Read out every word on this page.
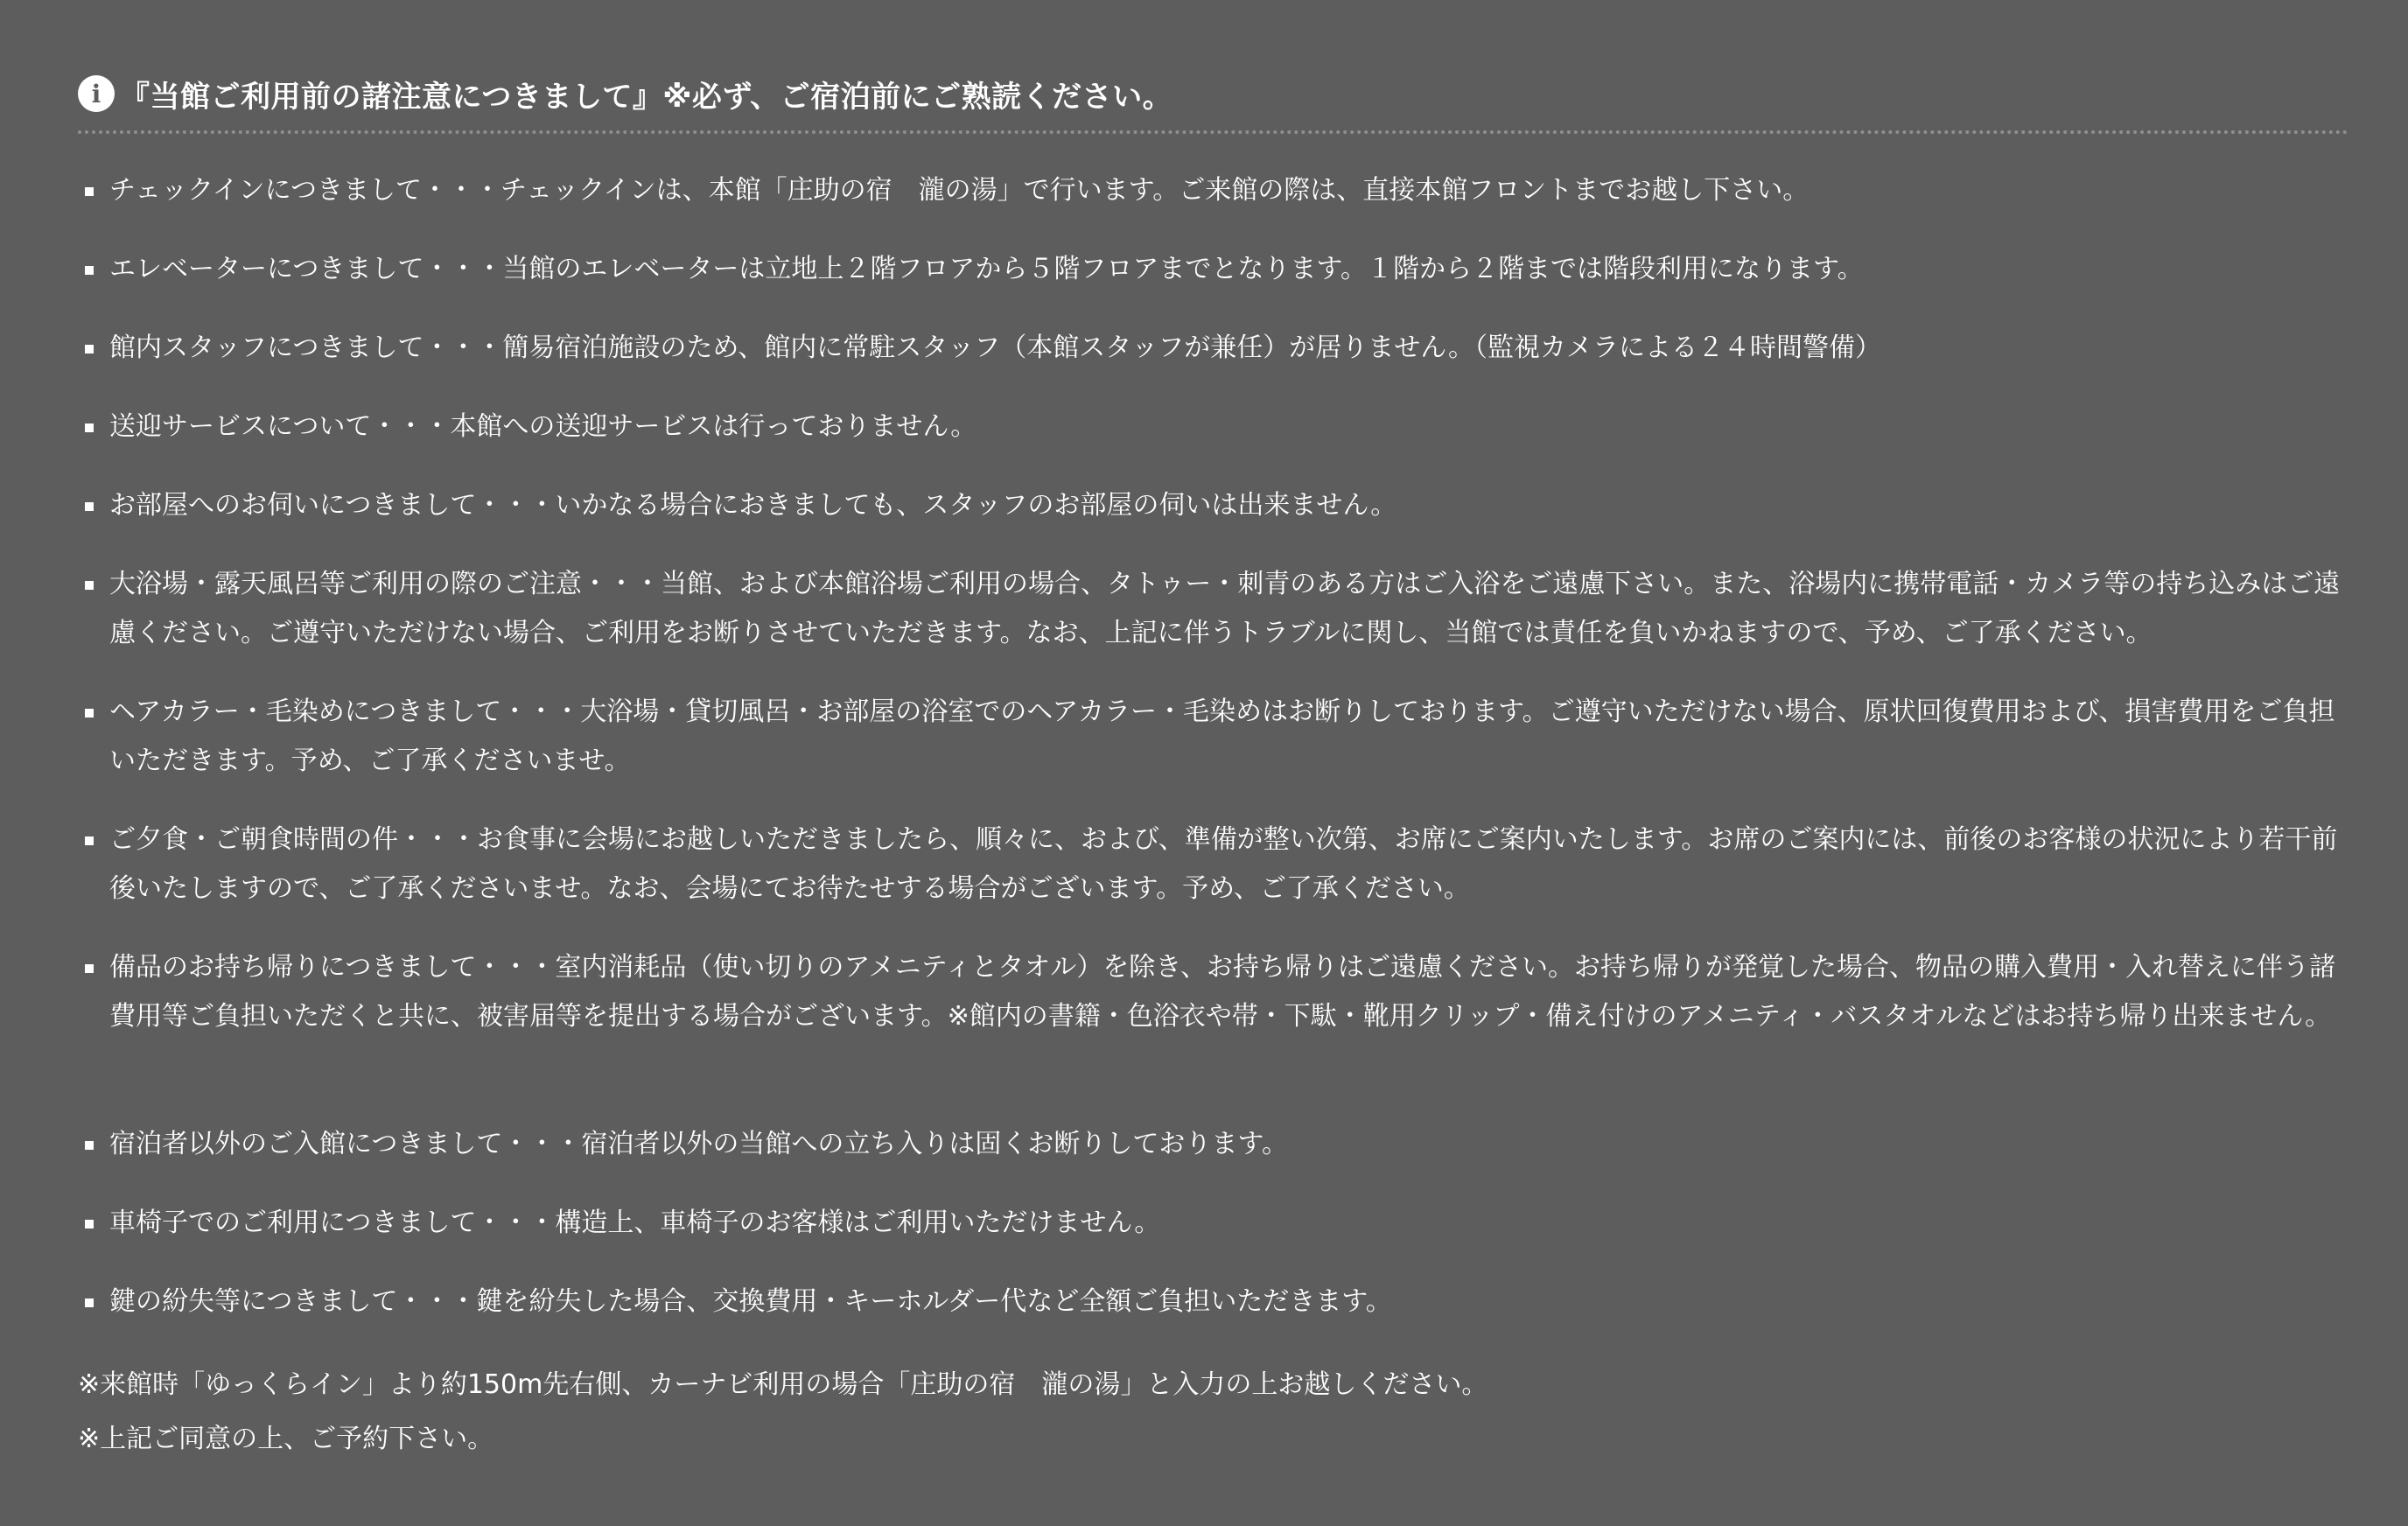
i 『当館ご利用前の諸注意につきまして』※必ず、ご宿泊前にご熟読ください。
チェックインにつきまして・・・チェックインは、本館「庄助の宿　瀧の湯」で行います。ご来館の際は、直接本館フロントまでお越し下さい。
エレベーターにつきまして・・・当館のエレベーターは立地上２階フロアから５階フロアまでとなります。１階から２階までは階段利用になります。
館内スタッフにつきまして・・・簡易宿泊施設のため、館内に常駐スタッフ（本館スタッフが兼任）が居りません。（監視カメラによる２４時間警備）
送迎サービスについて・・・本館への送迎サービスは行っておりません。
お部屋へのお伺いにつきまして・・・いかなる場合におきましても、スタッフのお部屋の伺いは出来ません。
大浴場・露天風呂等ご利用の際のご注意・・・当館、および本館浴場ご利用の場合、タトゥー・刺青のある方はご入浴をご遠慮下さい。また、浴場内に携帯電話・カメラ等の持ち込みはご遠慮ください。ご遵守いただけない場合、ご利用をお断りさせていただきます。なお、上記に伴うトラブルに関し、当館では責任を負いかねますので、予め、ご了承ください。
ヘアカラー・毛染めにつきまして・・・大浴場・貸切風呂・お部屋の浴室でのヘアカラー・毛染めはお断りしております。ご遵守いただけない場合、原状回復費用および、損害費用をご負担いただきます。予め、ご了承くださいませ。
ご夕食・ご朝食時間の件・・・お食事に会場にお越しいただきましたら、順々に、および、準備が整い次第、お席にご案内いたします。お席のご案内には、前後のお客様の状況により若干前後いたしますので、ご了承くださいませ。なお、会場にてお待たせする場合がございます。予め、ご了承ください。
備品のお持ち帰りにつきまして・・・室内消耗品（使い切りのアメニティとタオル）を除き、お持ち帰りはご遠慮ください。お持ち帰りが発覚した場合、物品の購入費用・入れ替えに伴う諸費用等ご負担いただくと共に、被害届等を提出する場合がございます。※館内の書籍・色浴衣や帯・下駄・靴用クリップ・備え付けのアメニティ・バスタオルなどはお持ち帰り出来ません。
宿泊者以外のご入館につきまして・・・宿泊者以外の当館への立ち入りは固くお断りしております。
車椅子でのご利用につきまして・・・構造上、車椅子のお客様はご利用いただけません。
鍵の紛失等につきまして・・・鍵を紛失した場合、交換費用・キーホルダー代など全額ご負担いただきます。
※来館時「ゆっくらイン」より約150m先右側、カーナビ利用の場合「庄助の宿　瀧の湯」と入力の上お越しください。
※上記ご同意の上、ご予約下さい。
